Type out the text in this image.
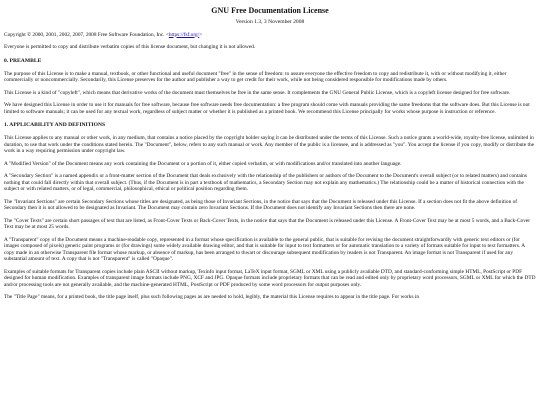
GNU Free Documentation License
Version 1.3, 3 November 2008

Copyright © 2000, 2001, 2002, 2007, 2008 Free Software Foundation, Inc. <https://fsf.org/>

Everyone is permitted to copy and distribute verbatim copies of this license document, but changing it is not allowed.

0. PREAMBLE

The purpose of this License is to make a manual, textbook, or other functional and useful document "free" in the sense of freedom: to assure everyone the effective freedom to copy and redistribute it, with or without modifying it, either commercially or noncommercially. Secondarily, this License preserves for the author and publisher a way to get credit for their work, while not being considered responsible for modifications made by others.

This License is a kind of "copyleft", which means that derivative works of the document must themselves be free in the same sense. It complements the GNU General Public License, which is a copyleft license designed for free software.

We have designed this License in order to use it for manuals for free software, because free software needs free documentation: a free program should come with manuals providing the same freedoms that the software does. But this License is not limited to software manuals; it can be used for any textual work, regardless of subject matter or whether it is published as a printed book. We recommend this License principally for works whose purpose is instruction or reference.

1. APPLICABILITY AND DEFINITIONS

This License applies to any manual or other work, in any medium, that contains a notice placed by the copyright holder saying it can be distributed under the terms of this License. Such a notice grants a world-wide, royalty-free license, unlimited in duration, to use that work under the conditions stated herein. The "Document", below, refers to any such manual or work. Any member of the public is a licensee, and is addressed as "you". You accept the license if you copy, modify or distribute the work in a way requiring permission under copyright law.

A "Modified Version" of the Document means any work containing the Document or a portion of it, either copied verbatim, or with modifications and/or translated into another language.

A "Secondary Section" is a named appendix or a front-matter section of the Document that deals exclusively with the relationship of the publishers or authors of the Document to the Document's overall subject (or to related matters) and contains nothing that could fall directly within that overall subject. (Thus, if the Document is in part a textbook of mathematics, a Secondary Section may not explain any mathematics.) The relationship could be a matter of historical connection with the subject or with related matters, or of legal, commercial, philosophical, ethical or political position regarding them.

The "Invariant Sections" are certain Secondary Sections whose titles are designated, as being those of Invariant Sections, in the notice that says that the Document is released under this License. If a section does not fit the above definition of Secondary then it is not allowed to be designated as Invariant. The Document may contain zero Invariant Sections. If the Document does not identify any Invariant Sections then there are none.

The "Cover Texts" are certain short passages of text that are listed, as Front-Cover Texts or Back-Cover Texts, in the notice that says that the Document is released under this License. A Front-Cover Text may be at most 5 words, and a Back-Cover Text may be at most 25 words.

A "Transparent" copy of the Document means a machine-readable copy, represented in a format whose specification is available to the general public, that is suitable for revising the document straightforwardly with generic text editors or (for images composed of pixels) generic paint programs or (for drawings) some widely available drawing editor, and that is suitable for input to text formatters or for automatic translation to a variety of formats suitable for input to text formatters. A copy made in an otherwise Transparent file format whose markup, or absence of markup, has been arranged to thwart or discourage subsequent modification by readers is not Transparent. An image format is not Transparent if used for any substantial amount of text. A copy that is not "Transparent" is called "Opaque".

Examples of suitable formats for Transparent copies include plain ASCII without markup, Texinfo input format, LaTeX input format, SGML or XML using a publicly available DTD, and standard-conforming simple HTML, PostScript or PDF designed for human modification. Examples of transparent image formats include PNG, XCF and JPG. Opaque formats include proprietary formats that can be read and edited only by proprietary word processors, SGML or XML for which the DTD and/or processing tools are not generally available, and the machine-generated HTML, PostScript or PDF produced by some word processors for output purposes only.

The "Title Page" means, for a printed book, the title page itself, plus such following pages as are needed to hold, legibly, the material this License requires to appear in the title page. For works in
